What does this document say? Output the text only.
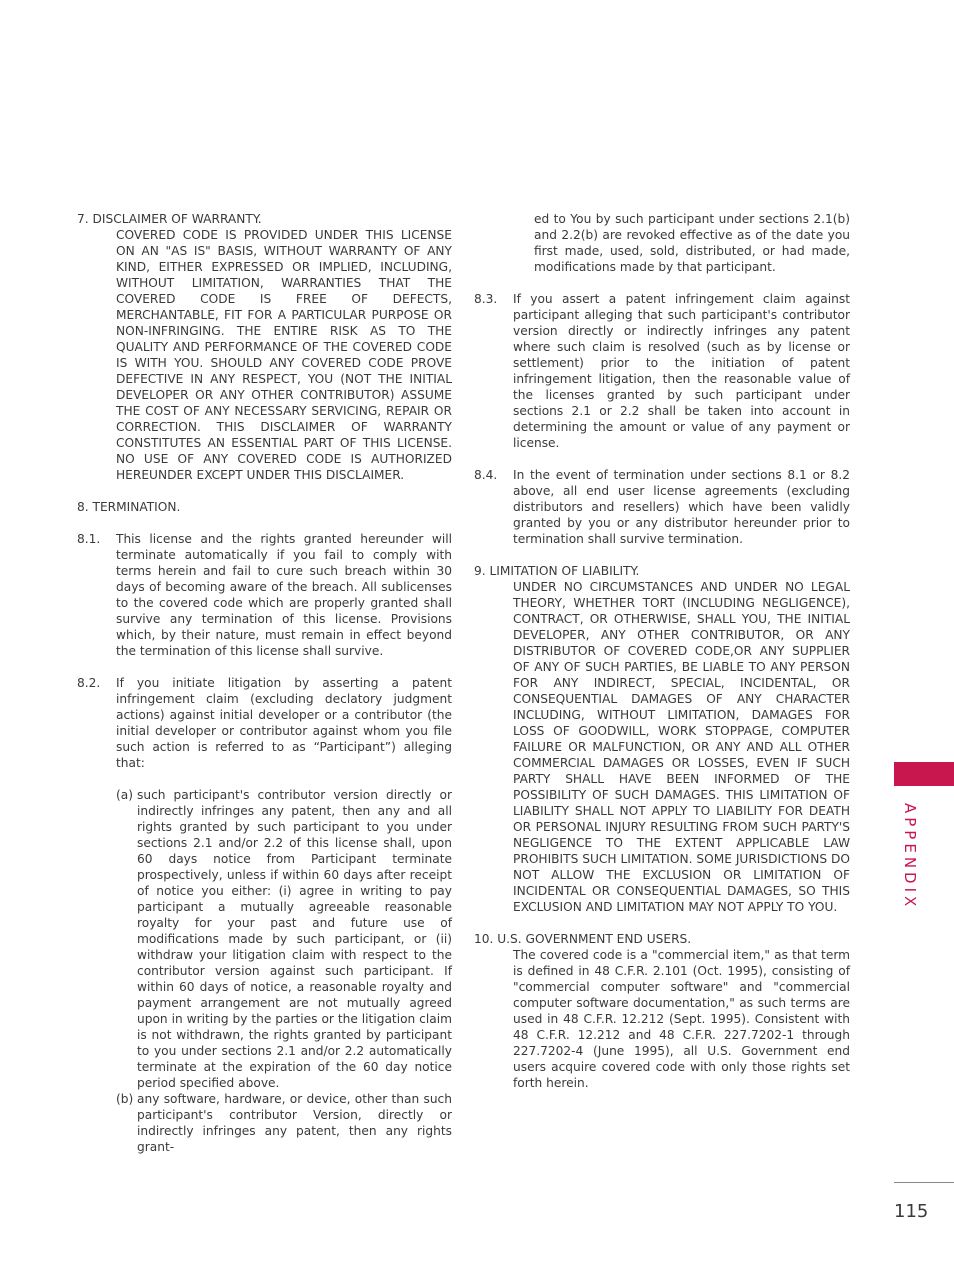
7. DISCLAIMER OF WARRANTY.

COVERED CODE IS PROVIDED UNDER THIS LICENSE ON AN "AS IS" BASIS, WITHOUT WARRANTY OF ANY KIND, EITHER EXPRESSED OR IMPLIED, INCLUDING, WITHOUT LIMITATION, WARRANTIES THAT THE COVERED CODE IS FREE OF DEFECTS, MERCHANTABLE, FIT FOR A PARTICULAR PURPOSE OR NON-INFRINGING. THE ENTIRE RISK AS TO THE QUALITY AND PERFORMANCE OF THE COVERED CODE IS WITH YOU. SHOULD ANY COVERED CODE PROVE DEFECTIVE IN ANY RESPECT, YOU (NOT THE INITIAL DEVELOPER OR ANY OTHER CONTRIBUTOR) ASSUME THE COST OF ANY NECESSARY SERVICING, REPAIR OR CORRECTION. THIS DISCLAIMER OF WARRANTY CONSTITUTES AN ESSENTIAL PART OF THIS LICENSE. NO USE OF ANY COVERED CODE IS AUTHORIZED HEREUNDER EXCEPT UNDER THIS DISCLAIMER.

8. TERMINATION.

8.1.	This license and the rights granted hereunder will terminate automatically if you fail to comply with terms herein and fail to cure such breach within 30 days of becoming aware of the breach. All sublicenses to the covered code which are properly granted shall survive any termination of this license. Provisions which, by their nature, must remain in effect beyond the termination of this license shall survive.
8.2.	If you initiate litigation by asserting a patent infringement claim (excluding declatory judgment actions) against initial developer or a contributor (the initial developer or contributor against whom you file such action is referred to as “Participant”) alleging that:
(a) such participant's contributor version directly or indirectly infringes any patent, then any and all rights granted by such participant to you under sections 2.1 and/or 2.2 of this license shall, upon 60 days notice from Participant terminate prospectively, unless if within 60 days after receipt of notice you either: (i) agree in writing to pay participant a mutually agreeable reasonable royalty for your past and future use of modifications made by such participant, or (ii) withdraw your litigation claim with respect to the contributor version against such participant. If within 60 days of notice, a reasonable royalty and payment arrangement are not mutually agreed upon in writing by the parties or the litigation claim is not withdrawn, the rights granted by participant to you under sections 2.1 and/or 2.2 automatically terminate at the expiration of the 60 day notice period specified above.
(b) any software, hardware, or device, other than such participant's contributor Version, directly or indirectly infringes any patent, then any rights grant-

ed to You by such participant under sections 2.1(b) and 2.2(b) are revoked effective as of the date you first made, used, sold, distributed, or had made, modifications made by that participant.

8.3.	If you assert a patent infringement claim against participant alleging that such participant's contributor version directly or indirectly infringes any patent where such claim is resolved (such as by license or settlement) prior to the initiation of patent infringement litigation, then the reasonable value of the licenses granted by such participant under sections 2.1 or 2.2 shall be taken into account in determining the amount or value of any payment or license.
8.4.	In the event of termination under sections 8.1 or 8.2 above, all end user license agreements (excluding distributors and resellers) which have been validly granted by you or any distributor hereunder prior to termination shall survive termination.

9. LIMITATION OF LIABILITY.

UNDER NO CIRCUMSTANCES AND UNDER NO LEGAL THEORY, WHETHER TORT (INCLUDING NEGLIGENCE), CONTRACT, OR OTHERWISE, SHALL YOU, THE INITIAL DEVELOPER, ANY OTHER CONTRIBUTOR, OR ANY DISTRIBUTOR OF COVERED CODE,OR ANY SUPPLIER OF ANY OF SUCH PARTIES, BE LIABLE TO ANY PERSON FOR ANY INDIRECT, SPECIAL, INCIDENTAL, OR CONSEQUENTIAL DAMAGES OF ANY CHARACTER INCLUDING, WITHOUT LIMITATION, DAMAGES FOR LOSS OF GOODWILL, WORK STOPPAGE, COMPUTER FAILURE OR MALFUNCTION, OR ANY AND ALL OTHER COMMERCIAL DAMAGES OR LOSSES, EVEN IF SUCH PARTY SHALL HAVE BEEN INFORMED OF THE POSSIBILITY OF SUCH DAMAGES. THIS LIMITATION OF LIABILITY SHALL NOT APPLY TO LIABILITY FOR DEATH OR PERSONAL INJURY RESULTING FROM SUCH PARTY'S NEGLIGENCE TO THE EXTENT APPLICABLE LAW PROHIBITS SUCH LIMITATION. SOME JURISDICTIONS DO NOT ALLOW THE EXCLUSION OR LIMITATION OF INCIDENTAL OR CONSEQUENTIAL DAMAGES, SO THIS EXCLUSION AND LIMITATION MAY NOT APPLY TO YOU.

10. U.S. GOVERNMENT END USERS.

The covered code is a "commercial item," as that term is defined in 48 C.F.R. 2.101 (Oct. 1995), consisting of "commercial computer software" and "commercial computer software documentation," as such terms are used in 48 C.F.R. 12.212 (Sept. 1995). Consistent with 48 C.F.R. 12.212 and 48 C.F.R. 227.7202-1 through 227.7202-4 (June 1995), all U.S. Government end users acquire covered code with only those rights set forth herein.

APPENDIX
115
